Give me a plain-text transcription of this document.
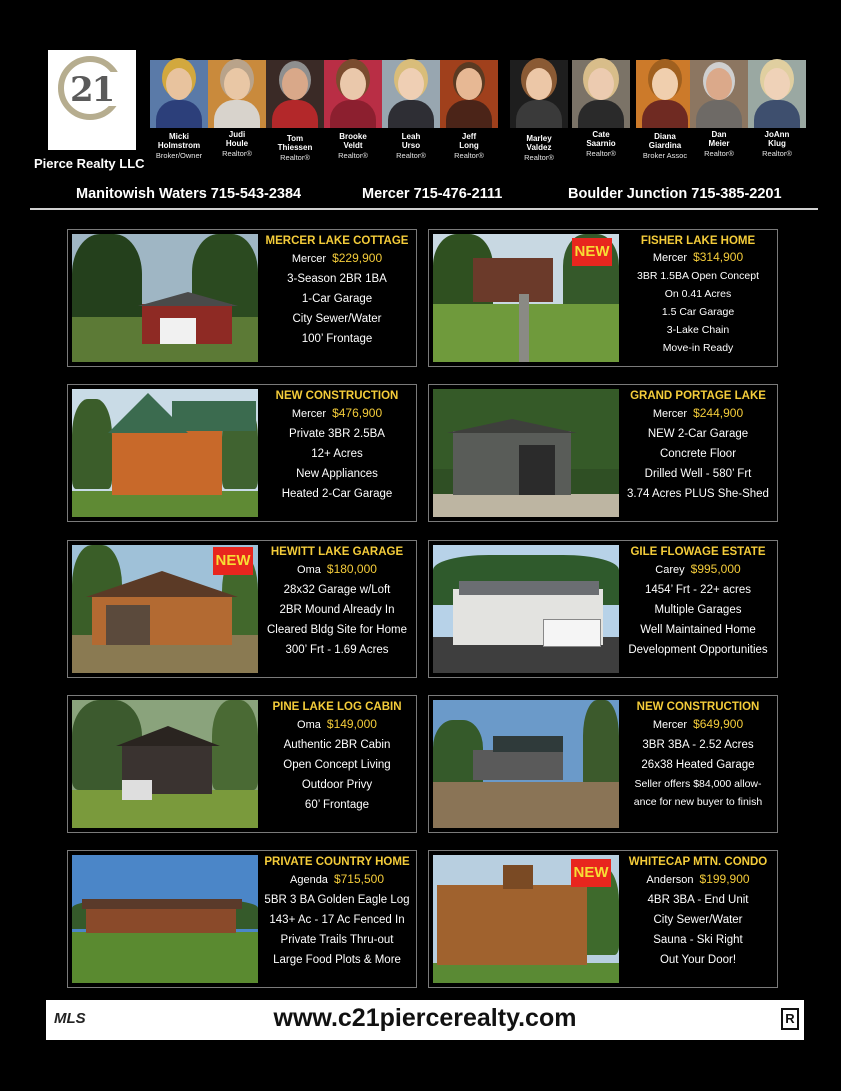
21
Pierce Realty LLC
Micki
Holmstrom
Broker/Owner
Judi
Houle
Realtor®
Tom
Thiessen
Realtor®
Brooke
Veldt
Realtor®
Leah
Urso
Realtor®
Jeff
Long
Realtor®
Marley
Valdez
Realtor®
Cate
Saarnio
Realtor®
Diana
Giardina
Broker Assoc
Dan
Meier
Realtor®
JoAnn
Klug
Realtor®
Manitowish Waters 715-543-2384	Mercer 715-476-2111	Boulder Junction 715-385-2201
MERCER LAKE COTTAGE
Mercer $229,900
3-Season 2BR 1BA
1-Car Garage
City Sewer/Water
100’ Frontage
NEW
FISHER LAKE HOME
Mercer $314,900
3BR 1.5BA Open Concept
On 0.41 Acres
1.5 Car Garage
3-Lake Chain
Move-in Ready
NEW CONSTRUCTION
Mercer $476,900
Private 3BR 2.5BA
12+ Acres
New Appliances
Heated 2-Car Garage
GRAND PORTAGE LAKE
Mercer $244,900
NEW 2-Car Garage
Concrete Floor
Drilled Well - 580’ Frt
3.74 Acres PLUS She-Shed
NEW	HEWITT LAKE GARAGE
Oma $180,000
28x32 Garage w/Loft
2BR Mound Already In
Cleared Bldg Site for Home
300’ Frt - 1.69 Acres
GILE FLOWAGE ESTATE
Carey $995,000
1454’ Frt - 22+ acres
Multiple Garages
Well Maintained Home
Development Opportunities
PINE LAKE LOG CABIN
Oma $149,000
Authentic 2BR Cabin
Open Concept Living
Outdoor Privy
60’ Frontage
NEW CONSTRUCTION
Mercer $649,900
3BR 3BA - 2.52 Acres
26x38 Heated Garage
Seller offers $84,000 allow-
ance for new buyer to finish
PRIVATE COUNTRY HOME
Agenda $715,500
5BR 3 BA Golden Eagle Log
143+ Ac - 17 Ac Fenced In
Private Trails Thru-out
Large Food Plots & More
NEW
WHITECAP MTN. CONDO
Anderson $199,900
4BR 3BA - End Unit
City Sewer/Water
Sauna - Ski Right
Out Your Door!
MLS	www.c21piercerealty.com	R
